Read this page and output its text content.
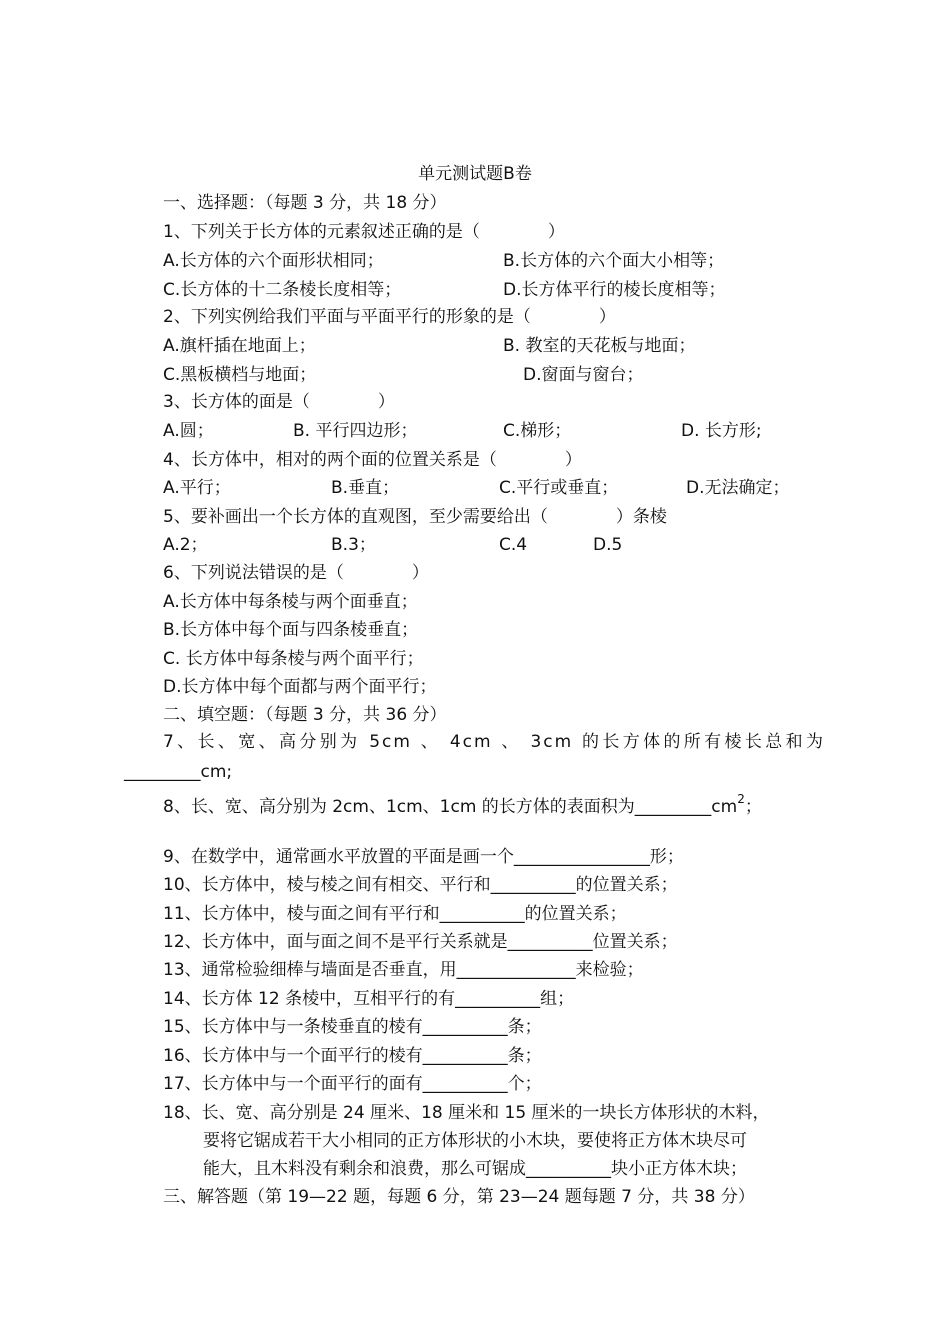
单元测试题B卷
一、选择题：（每题 3 分，共 18 分）
1、下列关于长方体的元素叙述正确的是（　　　　）
A.长方体的六个面形状相同；	B.长方体的六个面大小相等；
C.长方体的十二条棱长度相等；	D.长方体平行的棱长度相等；
2、下列实例给我们平面与平面平行的形象的是（　　　　）
A.旗杆插在地面上；	B. 教室的天花板与地面；
C.黑板横档与地面；	D.窗面与窗台；
3、长方体的面是（　　　　）
A.圆；	B. 平行四边形；	C.梯形；	D. 长方形;
4、长方体中，相对的两个面的位置关系是（　　　　）
A.平行；	B.垂直；	C.平行或垂直；	D.无法确定；
5、要补画出一个长方体的直观图，至少需要给出（　　　　）条棱
A.2；	B.3；	C.4	D.5
6、下列说法错误的是（　　　　）
A.长方体中每条棱与两个面垂直；
B.长方体中每个面与四条棱垂直；
C. 长方体中每条棱与两个面平行；
D.长方体中每个面都与两个面平行；
二、填空题：（每题 3 分，共 36 分）
7、长、宽、高分别为 5cm 、 4cm 、 3cm 的长方体的所有棱长总和为
_________cm;
8、长、宽、高分别为 2cm、1cm、1cm 的长方体的表面积为$\_\_\_\_\_\_\_\_\_cm^2$；
9、在数学中，通常画水平放置的平面是画一个________________形；
10、长方体中，棱与棱之间有相交、平行和__________的位置关系；
11、长方体中，棱与面之间有平行和__________的位置关系；
12、长方体中，面与面之间不是平行关系就是__________位置关系；
13、通常检验细棒与墙面是否垂直，用______________来检验；
14、长方体 12 条棱中，互相平行的有__________组；
15、长方体中与一条棱垂直的棱有__________条；
16、长方体中与一个面平行的棱有__________条；
17、长方体中与一个面平行的面有__________个；
18、长、宽、高分别是 24 厘米、18 厘米和 15 厘米的一块长方体形状的木料，
要将它锯成若干大小相同的正方体形状的小木块，要使将正方体木块尽可
能大，且木料没有剩余和浪费，那么可锯成__________块小正方体木块；
三、解答题（第 19—22 题，每题 6 分，第 23—24 题每题 7 分，共 38 分）
